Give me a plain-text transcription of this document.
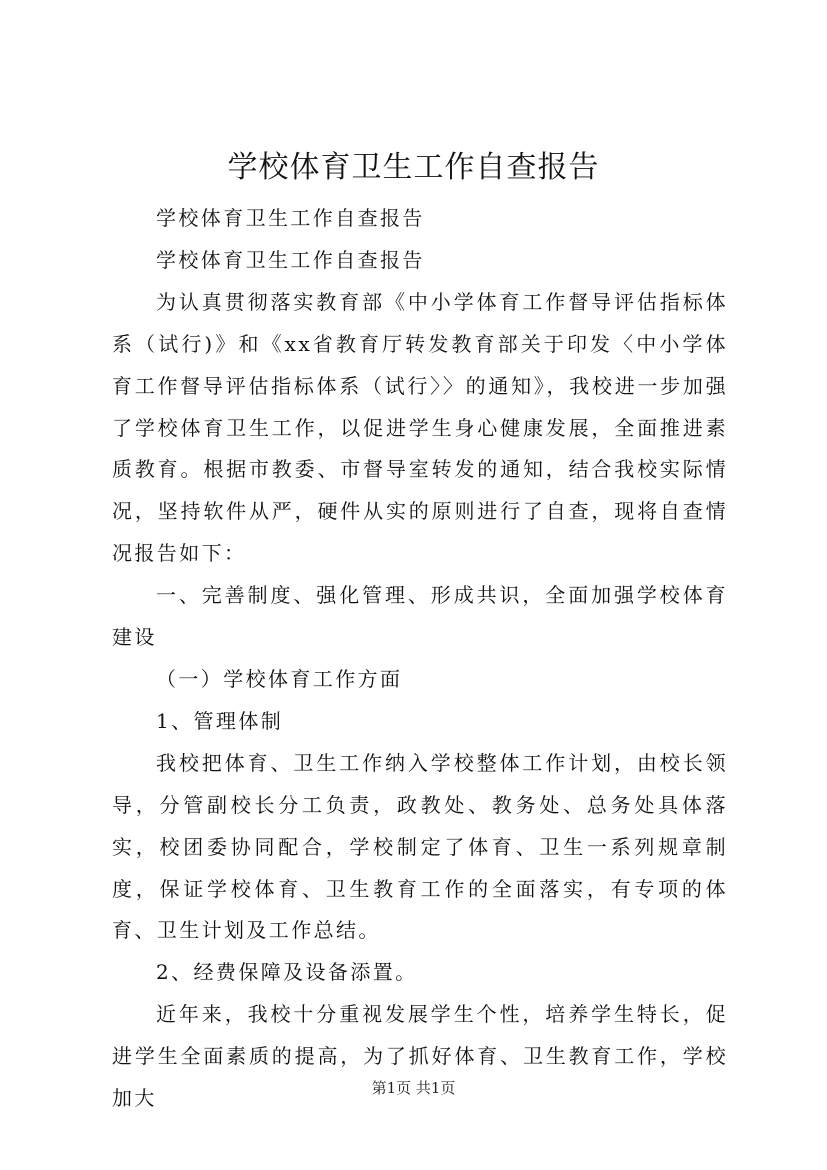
学校体育卫生工作自查报告

学校体育卫生工作自查报告

学校体育卫生工作自查报告

为认真贯彻落实教育部《中小学体育工作督导评估指标体系（试行)》和《xx省教育厅转发教育部关于印发〈中小学体育工作督导评估指标体系（试行〉〉的通知》，我校进一步加强了学校体育卫生工作，以促进学生身心健康发展，全面推进素质教育。根据市教委、市督导室转发的通知，结合我校实际情况，坚持软件从严，硬件从实的原则进行了自查，现将自查情况报告如下：

一、完善制度、强化管理、形成共识，全面加强学校体育建设

（一）学校体育工作方面

1、管理体制

我校把体育、卫生工作纳入学校整体工作计划，由校长领导，分管副校长分工负责，政教处、教务处、总务处具体落实，校团委协同配合，学校制定了体育、卫生一系列规章制度，保证学校体育、卫生教育工作的全面落实，有专项的体育、卫生计划及工作总结。

2、经费保障及设备添置。

近年来，我校十分重视发展学生个性，培养学生特长，促进学生全面素质的提高，为了抓好体育、卫生教育工作，学校加大	第1页 共1页
